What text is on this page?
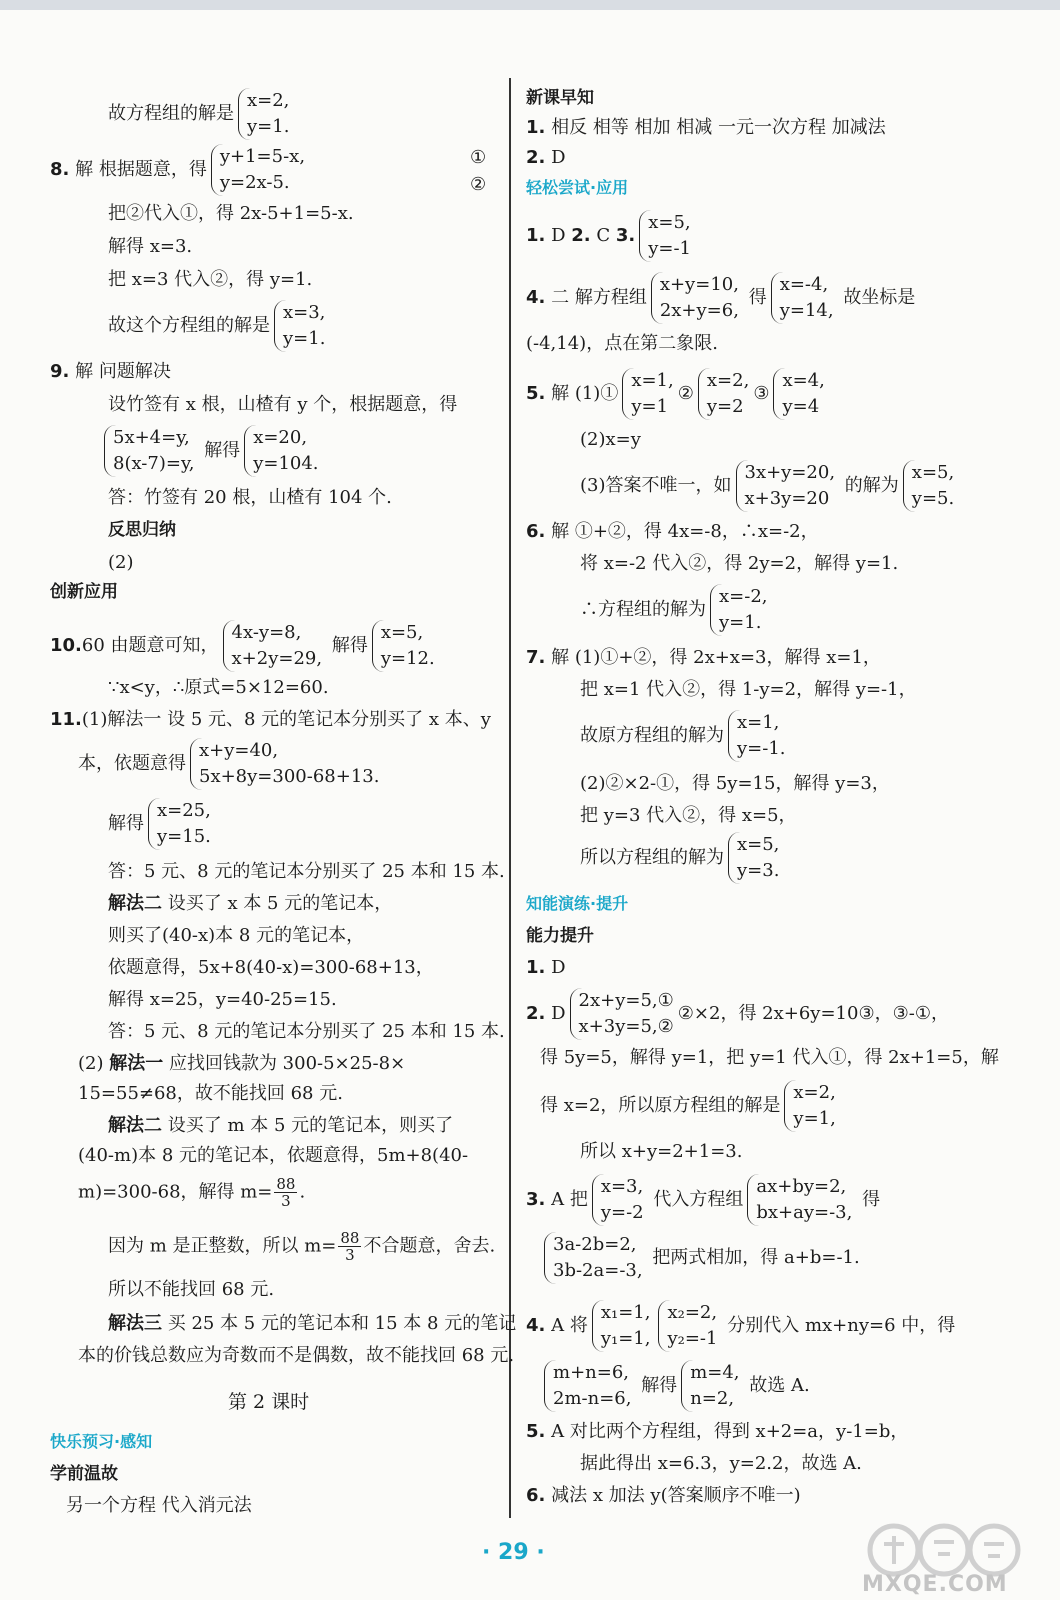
故方程组的解是
x=2,
y=1.
8. 解 根据题意，得
y+1=5-x,
y=2x-5.
①
②
把②代入①，得 2x-5+1=5-x.
解得 x=3.
把 x=3 代入②，得 y=1.
故这个方程组的解是
x=3,
y=1.
9. 解 问题解决
设竹签有 x 根，山楂有 y 个，根据题意，得
5x+4=y,
8(x-7)=y,
解得
x=20,
y=104.
答：竹签有 20 根，山楂有 104 个.
反思归纳
(2)
创新应用
10.60 由题意可知，
4x-y=8,
x+2y=29,
解得
x=5,
y=12.
∵x<y，∴原式=5×12=60.
11.(1)解法一 设 5 元、8 元的笔记本分别买了 x 本、y
本，依题意得
x+y=40,
5x+8y=300-68+13.
解得
x=25,
y=15.
答：5 元、8 元的笔记本分别买了 25 本和 15 本.
解法二 设买了 x 本 5 元的笔记本，
则买了(40-x)本 8 元的笔记本，
依题意得，5x+8(40-x)=300-68+13，
解得 x=25，y=40-25=15.
答：5 元、8 元的笔记本分别买了 25 本和 15 本.
(2) 解法一 应找回钱款为 300-5×25-8×
15=55≠68，故不能找回 68 元.
解法二 设买了 m 本 5 元的笔记本，则买了
(40-m)本 8 元的笔记本，依题意得，5m+8(40-
m)=300-68，解得 $m= \frac{88}{3}$ .
因为 m 是正整数，所以 $m= \frac{88}{3}$ 不合题意，舍去.
所以不能找回 68 元.
解法三 买 25 本 5 元的笔记本和 15 本 8 元的笔记
本的价钱总数应为奇数而不是偶数，故不能找回 68 元.
第 2 课时
快乐预习·感知
学前温故
另一个方程 代入消元法
新课早知
1. 相反 相等 相加 相减 一元一次方程 加减法
2. D
轻松尝试·应用
1. D 2. C 3.
x=5,
y=-1
4. 二 解方程组
x+y=10,
2x+y=6,
得
x=-4,
y=14,
故坐标是
(-4,14)，点在第二象限.
5. 解 (1)①
x=1,
y=1
②
x=2,
y=2
③
x=4,
y=4
(2)x=y
(3)答案不唯一，如
3x+y=20,
x+3y=20
的解为
x=5,
y=5.
6. 解 ①+②，得 4x=-8，∴x=-2，
将 x=-2 代入②，得 2y=2，解得 y=1.
∴方程组的解为
x=-2,
y=1.
7. 解 (1)①+②，得 2x+x=3，解得 x=1，
把 x=1 代入②，得 1-y=2，解得 y=-1，
故原方程组的解为
x=1,
y=-1.
(2)②×2-①，得 5y=15，解得 y=3，
把 y=3 代入②，得 x=5，
所以方程组的解为
x=5,
y=3.
知能演练·提升
能力提升
1. D
2. D
2x+y=5,①
x+3y=5,②
②×2，得 2x+6y=10③，③-①，
得 5y=5，解得 y=1，把 y=1 代入①，得 2x+1=5，解
得 x=2，所以原方程组的解是
x=2,
y=1,
所以 x+y=2+1=3.
3. A 把
x=3,
y=-2
代入方程组
ax+by=2,
bx+ay=-3,
得
3a-2b=2,
3b-2a=-3,
把两式相加，得 a+b=-1.
4. A 将
x₁=1,
y₁=1,
x₂=2,
y₂=-1
分别代入 mx+ny=6 中，得
m+n=6,
2m-n=6,
解得
m=4,
n=2,
故选 A.
5. A 对比两个方程组，得到 x+2=a，y-1=b，
据此得出 x=6.3，y=2.2，故选 A.
6. 减法 x 加法 y(答案顺序不唯一)
· 29 ·
MXQE.COM
